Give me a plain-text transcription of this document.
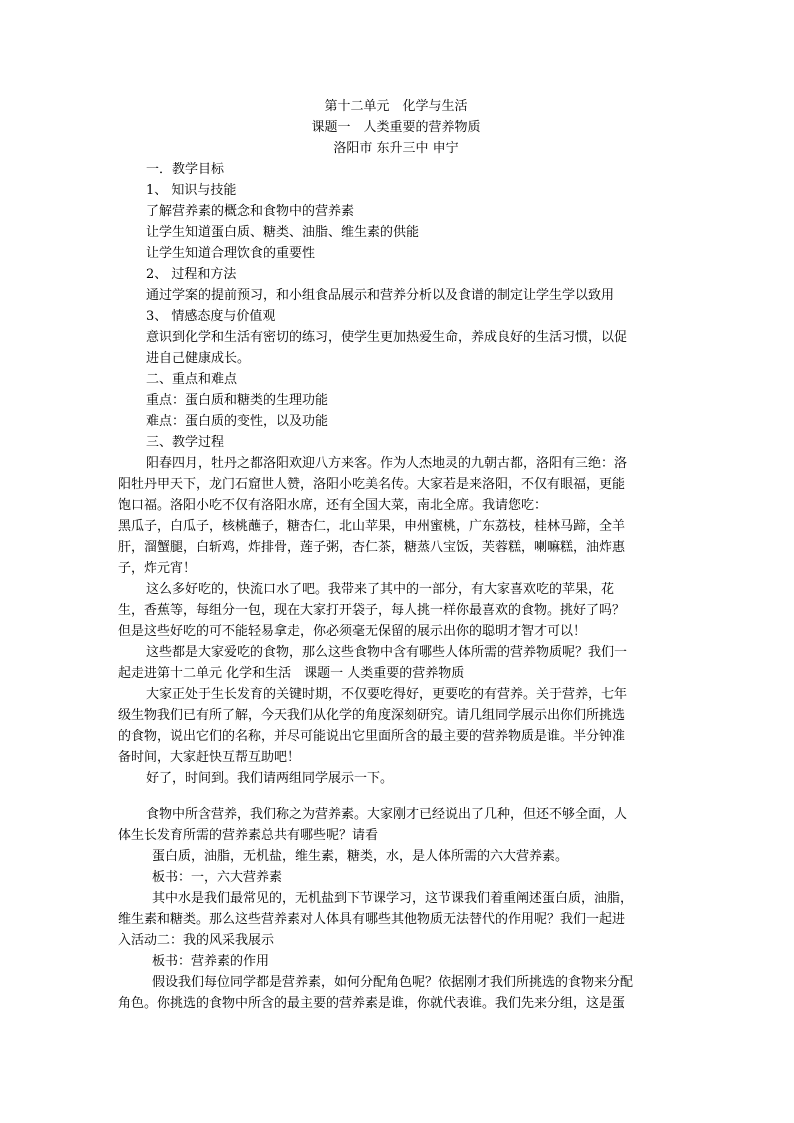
第十二单元　化学与生活
课题一　人类重要的营养物质
洛阳市 东升三中 申宁
一．教学目标
1、 知识与技能
了解营养素的概念和食物中的营养素
让学生知道蛋白质、糖类、油脂、维生素的供能
让学生知道合理饮食的重要性
2、 过程和方法
通过学案的提前预习，和小组食品展示和营养分析以及食谱的制定让学生学以致用
3、 情感态度与价值观
意识到化学和生活有密切的练习，使学生更加热爱生命，养成良好的生活习惯，以促
进自己健康成长。
二、重点和难点
重点：蛋白质和糖类的生理功能
难点：蛋白质的变性，以及功能
三、教学过程
阳春四月，牡丹之都洛阳欢迎八方来客。作为人杰地灵的九朝古都，洛阳有三绝：洛
阳牡丹甲天下，龙门石窟世人赞，洛阳小吃美名传。大家若是来洛阳，不仅有眼福，更能
饱口福。洛阳小吃不仅有洛阳水席，还有全国大菜，南北全席。我请您吃：
黑瓜子，白瓜子，核桃蘸子，糖杏仁，北山苹果，申州蜜桃，广东荔枝，桂林马蹄，全羊
肝，溜蟹腿，白斩鸡，炸排骨，莲子粥，杏仁茶，糖蒸八宝饭，芙蓉糕，喇嘛糕，油炸惠
子，炸元宵！
这么多好吃的，快流口水了吧。我带来了其中的一部分，有大家喜欢吃的苹果，花
生，香蕉等，每组分一包，现在大家打开袋子，每人挑一样你最喜欢的食物。挑好了吗？
但是这些好吃的可不能轻易拿走，你必须毫无保留的展示出你的聪明才智才可以！
这些都是大家爱吃的食物，那么这些食物中含有哪些人体所需的营养物质呢？我们一
起走进第十二单元 化学和生活　课题一 人类重要的营养物质
大家正处于生长发育的关键时期，不仅要吃得好，更要吃的有营养。关于营养，七年
级生物我们已有所了解，今天我们从化学的角度深刻研究。请几组同学展示出你们所挑选
的食物，说出它们的名称，并尽可能说出它里面所含的最主要的营养物质是谁。半分钟准
备时间，大家赶快互帮互助吧！
好了，时间到。我们请两组同学展示一下。
食物中所含营养，我们称之为营养素。大家刚才已经说出了几种，但还不够全面，人
体生长发育所需的营养素总共有哪些呢？请看
蛋白质，油脂，无机盐，维生素，糖类，水，是人体所需的六大营养素。
板书：一，六大营养素
其中水是我们最常见的，无机盐到下节课学习，这节课我们着重阐述蛋白质，油脂，
维生素和糖类。那么这些营养素对人体具有哪些其他物质无法替代的作用呢？我们一起进
入活动二：我的风采我展示
板书：营养素的作用
假设我们每位同学都是营养素，如何分配角色呢？依据刚才我们所挑选的食物来分配
角色。你挑选的食物中所含的最主要的营养素是谁，你就代表谁。我们先来分组，这是蛋
